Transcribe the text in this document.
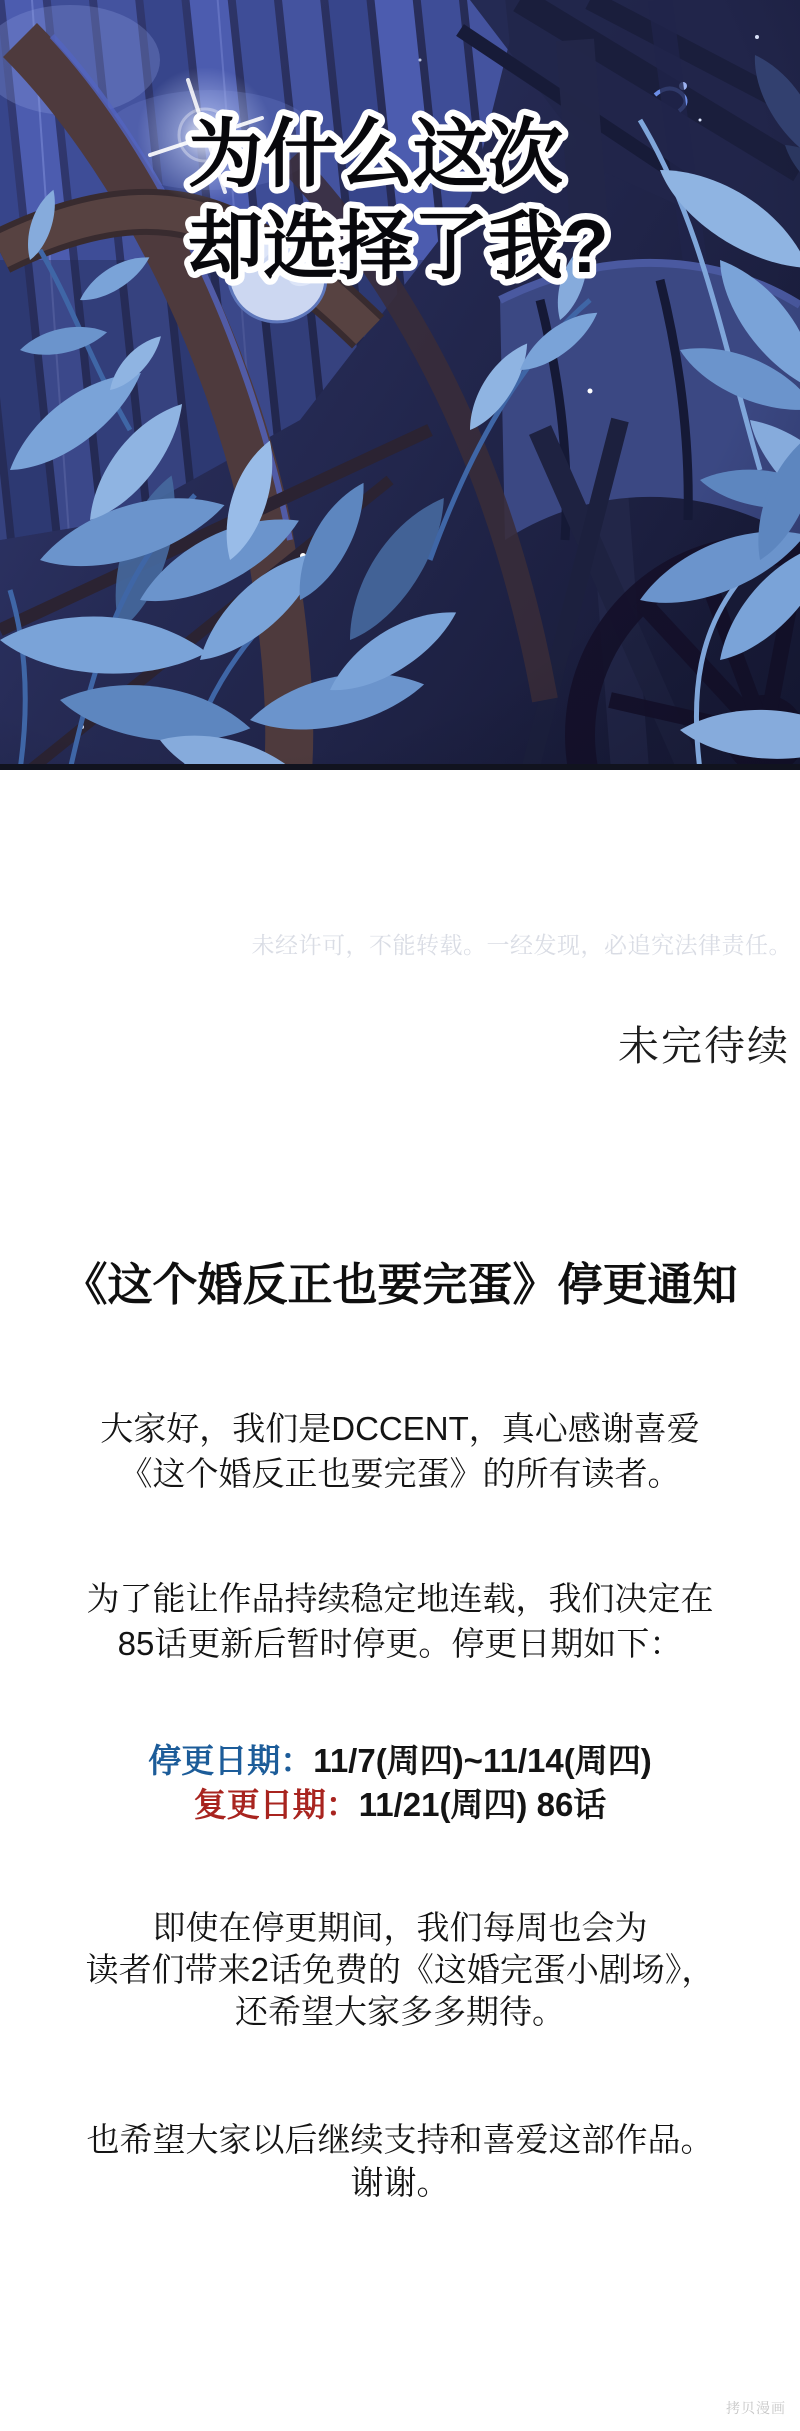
为什么这次
却选择了我?
未经许可，不能转载。一经发现，必追究法律责任。
未完待续
《这个婚反正也要完蛋》停更通知
大家好，我们是DCCENT，真心感谢喜爱
《这个婚反正也要完蛋》的所有读者。
为了能让作品持续稳定地连载，我们决定在
85话更新后暂时停更。停更日期如下：
停更日期：11/7(周四)~11/14(周四)
复更日期：11/21(周四) 86话
即使在停更期间，我们每周也会为
读者们带来2话免费的《这婚完蛋小剧场》，
还希望大家多多期待。
也希望大家以后继续支持和喜爱这部作品。
谢谢。
拷贝漫画
